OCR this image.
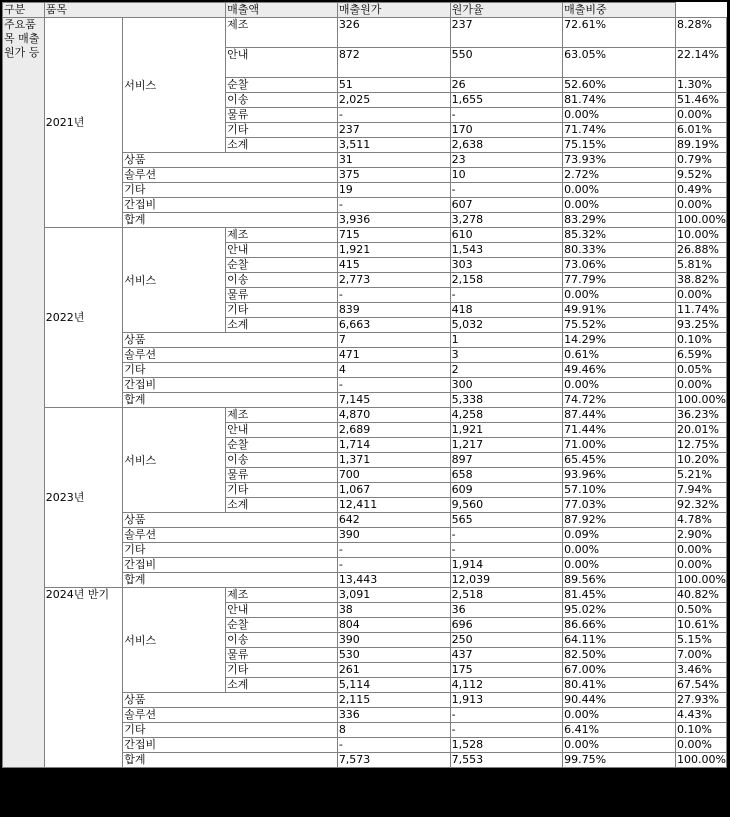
구분	품목		매출액	매출원가	원가율	매출비중	
주요품목 매출원가 등	2021년	서비스	제조	326	237	72.61%	8.28%
			안내	872	550	63.05%	22.14%
			순찰	51	26	52.60%	1.30%
			이송	2,025	1,655	81.74%	51.46%
			물류	-	-	0.00%	0.00%
			기타	237	170	71.74%	6.01%
			소계	3,511	2,638	75.15%	89.19%
		상품		31	23	73.93%	0.79%
		솔루션		375	10	2.72%	9.52%
		기타		19	-	0.00%	0.49%
		간접비		-	607	0.00%	0.00%
		합계		3,936	3,278	83.29%	100.00%
	2022년	서비스	제조	715	610	85.32%	10.00%
			안내	1,921	1,543	80.33%	26.88%
			순찰	415	303	73.06%	5.81%
			이송	2,773	2,158	77.79%	38.82%
			물류	-	-	0.00%	0.00%
			기타	839	418	49.91%	11.74%
			소계	6,663	5,032	75.52%	93.25%
		상품		7	1	14.29%	0.10%
		솔루션		471	3	0.61%	6.59%
		기타		4	2	49.46%	0.05%
		간접비		-	300	0.00%	0.00%
		합계		7,145	5,338	74.72%	100.00%
	2023년	서비스	제조	4,870	4,258	87.44%	36.23%
			안내	2,689	1,921	71.44%	20.01%
			순찰	1,714	1,217	71.00%	12.75%
			이송	1,371	897	65.45%	10.20%
			물류	700	658	93.96%	5.21%
			기타	1,067	609	57.10%	7.94%
			소계	12,411	9,560	77.03%	92.32%
		상품		642	565	87.92%	4.78%
		솔루션		390	-	0.09%	2.90%
		기타		-	-	0.00%	0.00%
		간접비		-	1,914	0.00%	0.00%
		합계		13,443	12,039	89.56%	100.00%
	2024년 반기	서비스	제조	3,091	2,518	81.45%	40.82%
			안내	38	36	95.02%	0.50%
			순찰	804	696	86.66%	10.61%
			이송	390	250	64.11%	5.15%
			물류	530	437	82.50%	7.00%
			기타	261	175	67.00%	3.46%
			소계	5,114	4,112	80.41%	67.54%
		상품		2,115	1,913	90.44%	27.93%
		솔루션		336	-	0.00%	4.43%
		기타		8	-	6.41%	0.10%
		간접비		-	1,528	0.00%	0.00%
		합계		7,573	7,553	99.75%	100.00%
